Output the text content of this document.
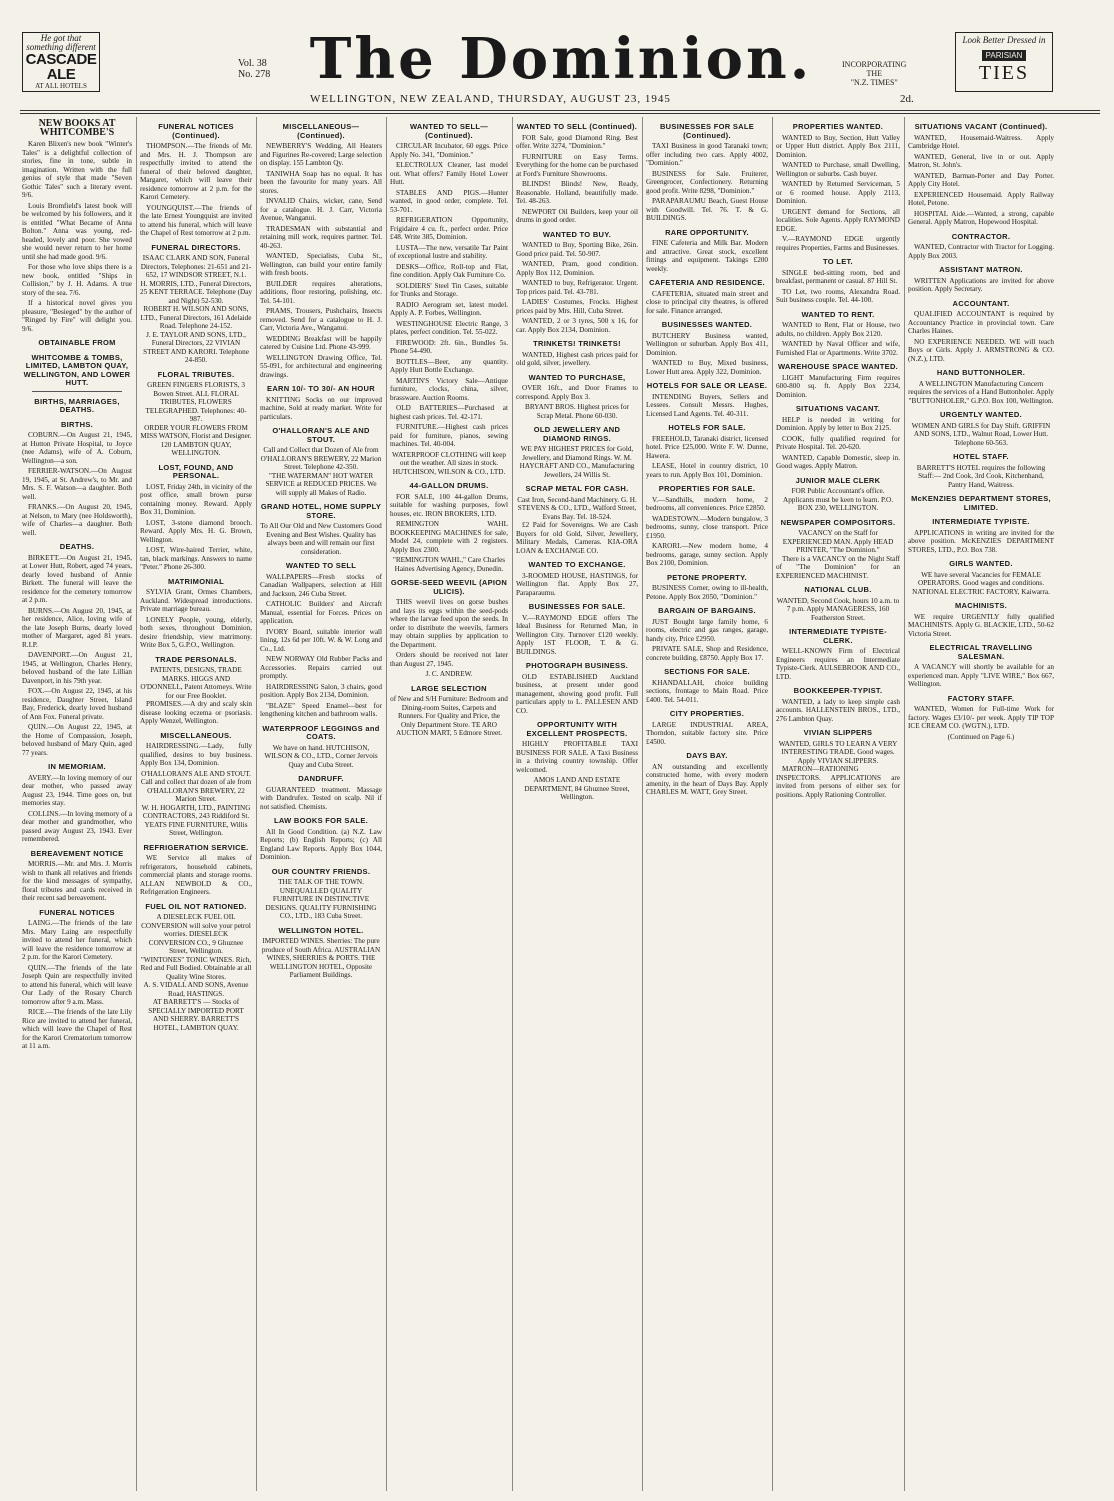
He got that something different
CASCADE
ALE
AT ALL HOTELS
Vol. 38
No. 278 The Dominion.	INCORPORATING
THE
"N.Z. TIMES"
Look Better Dressed in
PARISIAN
TIES
WELLINGTON, NEW ZEALAND, THURSDAY, AUGUST 23, 1945	2d.
NEW BOOKS AT WHITCOMBE'S

Karen Blixen's new book "Winter's Tales" is a delightful collection of stories, fine in tone, subtle in imagination. Written with the full genius of style that made "Seven Gothic Tales" such a literary event. 9/6.

Louis Bromfield's latest book will be welcomed by his followers, and it is entitled "What Became of Anna Bolton." Anna was young, red-headed, lovely and poor. She vowed she would never return to her home until she had made good. 9/6.

For those who love ships there is a new book, entitled "Ships in Collision," by J. H. Adams. A true story of the sea. 7/6.

If a historical novel gives you pleasure, "Besieged" by the author of "Ringed by Fire" will delight you. 9/6.

OBTAINABLE FROM
WHITCOMBE & TOMBS, LIMITED, LAMBTON QUAY, WELLINGTON, AND LOWER HUTT.
BIRTHS, MARRIAGES, DEATHS.
BIRTHS.

COBURN.—On August 21, 1945, at Hutton Private Hospital, to Joyce (nee Adams), wife of A. Coburn, Wellington—a son.

FERRIER-WATSON.—On August 19, 1945, at St. Andrew's, to Mr. and Mrs. S. F. Watson—a daughter. Both well.

FRANKS.—On August 20, 1945, at Nelson, to Mary (nee Holdsworth), wife of Charles—a daughter. Both well.

DEATHS.

BIRKETT.—On August 21, 1945, at Lower Hutt, Robert, aged 74 years, dearly loved husband of Annie Birkett. The funeral will leave the residence for the cemetery tomorrow at 2 p.m.

BURNS.—On August 20, 1945, at her residence, Alice, loving wife of the late Joseph Burns, dearly loved mother of Margaret, aged 81 years. R.I.P.

DAVENPORT.—On August 21, 1945, at Wellington, Charles Henry, beloved husband of the late Lillian Davenport, in his 79th year.

FOX.—On August 22, 1945, at his residence, Daughter Street, Island Bay, Frederick, dearly loved husband of Ann Fox. Funeral private.

QUIN.—On August 22, 1945, at the Home of Compassion, Joseph, beloved husband of Mary Quin, aged 77 years.

IN MEMORIAM.

AVERY.—In loving memory of our dear mother, who passed away August 23, 1944. Time goes on, but memories stay.

COLLINS.—In loving memory of a dear mother and grandmother, who passed away August 23, 1943. Ever remembered.

BEREAVEMENT NOTICE

MORRIS.—Mr. and Mrs. J. Morris wish to thank all relatives and friends for the kind messages of sympathy, floral tributes and cards received in their recent sad bereavement.

FUNERAL NOTICES

LAING.—The friends of the late Mrs. Mary Laing are respectfully invited to attend her funeral, which will leave the residence tomorrow at 2 p.m. for the Karori Cemetery.

QUIN.—The friends of the late Joseph Quin are respectfully invited to attend his funeral, which will leave Our Lady of the Rosary Church tomorrow after 9 a.m. Mass.

RICE.—The friends of the late Lily Rice are invited to attend her funeral, which will leave the Chapel of Rest for the Karori Crematorium tomorrow at 11 a.m.

FUNERAL NOTICES (Continued).

THOMPSON.—The friends of Mr. and Mrs. H. J. Thompson are respectfully invited to attend the funeral of their beloved daughter, Margaret, which will leave their residence tomorrow at 2 p.m. for the Karori Cemetery.

YOUNGQUIST.—The friends of the late Ernest Youngquist are invited to attend his funeral, which will leave the Chapel of Rest tomorrow at 2 p.m.

FUNERAL DIRECTORS.

ISAAC CLARK AND SON, Funeral Directors, Telephones: 21-651 and 21-652, 17 WINDSOR STREET, N.1.

H. MORRIS, LTD., Funeral Directors, 25 KENT TERRACE. Telephone (Day and Night) 52-530.

ROBERT H. WILSON AND SONS, LTD., Funeral Directors, 161 Adelaide Road. Telephone 24-152.

J. E. TAYLOR AND SONS, LTD., Funeral Directors, 22 VIVIAN STREET AND KARORI. Telephone 24-850.

FLORAL TRIBUTES.

GREEN FINGERS FLORISTS, 3 Bowen Street. ALL FLORAL TRIBUTES, FLOWERS TELEGRAPHED. Telephones: 40-987.

ORDER YOUR FLOWERS FROM MISS WATSON, Florist and Designer. 120 LAMBTON QUAY, WELLINGTON.

LOST, FOUND, AND PERSONAL.

LOST, Friday 24th, in vicinity of the post office, small brown purse containing money. Reward. Apply Box 31, Dominion.

LOST, 3-stone diamond brooch. Reward. Apply Mrs. H. G. Brown, Wellington.

LOST, Wire-haired Terrier, white, tan, black markings. Answers to name "Peter." Phone 26-300.

MATRIMONIAL

SYLVIA Grant, Ormes Chambers, Auckland. Widespread introductions. Private marriage bureau.

LONELY People, young, elderly, both sexes, throughout Dominion, desire friendship, view matrimony. Write Box 5, G.P.O., Wellington.

TRADE PERSONALS.

PATENTS, DESIGNS, TRADE MARKS. HIGGS AND O'DONNELL, Patent Attorneys. Write for our Free Booklet.

PROMISES.—A dry and scaly skin disease looking eczema or psoriasis. Apply Wenzel, Wellington.

MISCELLANEOUS.

HAIRDRESSING.—Lady, fully qualified, desires to buy business. Apply Box 134, Dominion.

O'HALLORAN'S ALE AND STOUT. Call and collect that dozen of ale from O'HALLORAN'S BREWERY, 22 Marion Street.

W. H. HOGARTH, LTD., PAINTING CONTRACTORS, 243 Riddiford St.

YEATS FINE FURNITURE, Willis Street, Wellington.

REFRIGERATION SERVICE.

WE Service all makes of refrigerators, household cabinets, commercial plants and storage rooms. ALLAN NEWBOLD & CO., Refrigeration Engineers.

FUEL OIL NOT RATIONED.

A DIESELECK FUEL OIL CONVERSION will solve your petrol worries. DIESELECK CONVERSION CO., 9 Ghuznee Street, Wellington.

"WINTONES" TONIC WINES. Rich, Red and Full Bodied. Obtainable at all Quality Wine Stores.

A. S. VIDALL AND SONS, Avenue Road, HASTINGS.

AT BARRETT'S — Stocks of SPECIALLY IMPORTED PORT AND SHERRY. BARRETT'S HOTEL, LAMBTON QUAY.

MISCELLANEOUS—(Continued).

NEWBERRY'S Wedding, All Heaters and Figurines Re-covered; Large selection on display. 155 Lambton Qy.

TANIWHA Soap has no equal. It has been the favourite for many years. All stores.

INVALID Chairs, wicker, cane, Send for a catalogue. H. J. Carr, Victoria Avenue, Wanganui.

TRADESMAN with substantial and retaining mill work, requires partner. Tel. 40-263.

WANTED, Specialists, Cuba St., Wellington, can build your entire family with fresh boots.

BUILDER requires alterations, additions, floor restoring, polishing, etc. Tel. 54-101.

PRAMS, Trousers, Pushchairs, Insects removed. Send for a catalogue to H. J. Carr, Victoria Ave., Wanganui.

WEDDING Breakfast will be happily catered by Cuisine Ltd. Phone 43-999.

WELLINGTON Drawing Office, Tel. 55-091, for architectural and engineering drawings.

EARN 10/- TO 30/- AN HOUR

KNITTING Socks on our improved machine, Sold at ready market. Write for particulars.

O'HALLORAN'S ALE AND STOUT.

Call and Collect that Dozen of Ale from O'HALLORAN'S BREWERY, 22 Marion Street. Telephone 42-350.

"THE WATERMAN" HOT WATER SERVICE at REDUCED PRICES. We will supply all Makes of Radio.

GRAND HOTEL, HOME SUPPLY STORE.

To All Our Old and New Customers Good Evening and Best Wishes. Quality has always been and will remain our first consideration.

WANTED TO SELL

WALLPAPERS—Fresh stocks of Canadian Wallpapers, selection at Hill and Jackson, 246 Cuba Street.

CATHOLIC Builders' and Aircraft Manual, essential for Forces. Prices on application.

IVORY Board, suitable interior wall lining, 12s 6d per 10ft. W. & W. Long and Co., Ltd.

NEW NORWAY Old Rubber Packs and Accessories. Repairs carried out promptly.

HAIRDRESSING Salon, 3 chairs, good position. Apply Box 2134, Dominion.

"BLAZE" Speed Enamel—best for lengthening kitchen and bathroom walls.

WATERPROOF LEGGINGS and COATS.

We have on hand. HUTCHISON, WILSON & CO., LTD., Corner Jervois Quay and Cuba Street.

DANDRUFF.

GUARANTEED treatment. Massage with Dandrufex. Tested on scalp. Nil if not satisfied. Chemists.

LAW BOOKS FOR SALE.

All In Good Condition. (a) N.Z. Law Reports; (b) English Reports; (c) All England Law Reports. Apply Box 1044, Dominion.

OUR COUNTRY FRIENDS.

THE TALK OF THE TOWN. UNEQUALLED QUALITY FURNITURE IN DISTINCTIVE DESIGNS. QUALITY FURNISHING CO., LTD., 183 Cuba Street.

WELLINGTON HOTEL.

IMPORTED WINES. Sherries: The pure produce of South Africa. AUSTRALIAN WINES, SHERRIES & PORTS. THE WELLINGTON HOTEL, Opposite Parliament Buildings.

WANTED TO SELL—(Continued).

CIRCULAR Incubator, 60 eggs. Price Apply No. 341, "Dominion."

ELECTROLUX Cleaner, last model out. What offers? Family Hotel Lower Hutt.

STABLES AND PIGS.—Hunter wanted, in good order, complete. Tel. 53-701.

REFRIGERATION Opportunity, Frigidaire 4 cu. ft., perfect order. Price £48. Write 385, Dominion.

LUSTA—The new, versatile Tar Paint of exceptional lustre and stability.

DESKS—Office, Roll-top and Flat, fine condition. Apply Oak Furniture Co.

SOLDIERS' Steel Tin Cases, suitable for Trunks and Storage.

RADIO Aerogram set, latest model. Apply A. P. Forbes, Wellington.

WESTINGHOUSE Electric Range, 3 plates, perfect condition. Tel. 55-022.

FIREWOOD: 2ft. 6in., Bundles 5s. Phone 54-490.

BOTTLES—Beer, any quantity. Apply Hutt Bottle Exchange.

MARTIN'S Victory Sale—Antique furniture, clocks, china, silver, brassware. Auction Rooms.

OLD BATTERIES—Purchased at highest cash prices. Tel. 42-171.

FURNITURE.—Highest cash prices paid for furniture, pianos, sewing machines. Tel. 40-004.

WATERPROOF CLOTHING will keep out the weather. All sizes in stock. HUTCHISON, WILSON & CO., LTD.

44-GALLON DRUMS.

FOR SALE, 100 44-gallon Drums, suitable for washing purposes, fowl houses, etc. IRON BROKERS, LTD.

REMINGTON WAHL BOOKKEEPING MACHINES for sale, Model 24, complete with 2 registers. Apply Box 2300.

"REMINGTON WAHL," Care Charles Haines Advertising Agency, Dunedin.

GORSE-SEED WEEVIL (APION ULICIS).

THIS weevil lives on gorse bushes and lays its eggs within the seed-pods where the larvae feed upon the seeds. In order to distribute the weevils, farmers may obtain supplies by application to the Department.

Orders should be received not later than August 27, 1945.

J. C. ANDREW.

LARGE SELECTION

of New and S/H Furniture: Bedroom and Dining-room Suites, Carpets and Runners. For Quality and Price, the Only Department Store. TE ARO AUCTION MART, 5 Edmore Street.

WANTED TO SELL (Continued).

FOR Sale, good Diamond Ring. Best offer. Write 3274, "Dominion."

FURNITURE on Easy Terms. Everything for the home can be purchased at Ford's Furniture Showrooms.

BLINDS! Blinds! New, Ready, Reasonable. Holland, beautifully made. Tel. 48-263.

NEWPORT Oil Builders, keep your oil drums in good order.

WANTED TO BUY.

WANTED to Buy, Sporting Bike, 26in. Good price paid. Tel. 50-907.

WANTED, Pram, good condition. Apply Box 112, Dominion.

WANTED to buy, Refrigerator. Urgent. Top prices paid. Tel. 43-781.

LADIES' Costumes, Frocks. Highest prices paid by Mrs. Hill, Cuba Street.

WANTED, 2 or 3 tyres, 500 x 16, for car. Apply Box 2134, Dominion.

TRINKETS! TRINKETS!

WANTED, Highest cash prices paid for old gold, silver, jewellery.

WANTED TO PURCHASE,

OVER 16ft., and Door Frames to correspond. Apply Box 3.

BRYANT BROS. Highest prices for Scrap Metal. Phone 60-030.

OLD JEWELLERY AND DIAMOND RINGS.

WE PAY HIGHEST PRICES for Gold, Jewellery, and Diamond Rings. W. M. HAYCRAFT AND CO., Manufacturing Jewellers, 24 Willis St.

SCRAP METAL FOR CASH.

Cast Iron, Second-hand Machinery. G. H. STEVENS & CO., LTD., Walford Street, Evans Bay. Tel. 18-524.

£2 Paid for Sovereigns. We are Cash Buyers for old Gold, Silver, Jewellery, Military Medals, Cameras. KIA-ORA LOAN & EXCHANGE CO.

WANTED TO EXCHANGE.

3-ROOMED HOUSE, HASTINGS, for Wellington flat. Apply Box 27, Paraparaumu.

BUSINESSES FOR SALE.

V.—RAYMOND EDGE offers The Ideal Business for Returned Man, in Wellington City. Turnover £120 weekly. Apply 1ST FLOOR, T. & G. BUILDINGS.

PHOTOGRAPH BUSINESS.

OLD ESTABLISHED Auckland business, at present under good management, showing good profit. Full particulars apply to L. PALLESEN AND CO.

OPPORTUNITY WITH EXCELLENT PROSPECTS.

HIGHLY PROFITABLE TAXI BUSINESS FOR SALE. A Taxi Business in a thriving country township. Offer welcomed.

AMOS LAND AND ESTATE DEPARTMENT, 84 Ghuznee Street, Wellington.

BUSINESSES FOR SALE (Continued).

TAXI Business in good Taranaki town; offer including two cars. Apply 4002, "Dominion."

BUSINESS for Sale. Fruiterer, Greengrocer, Confectionery. Returning good profit. Write 8298, "Dominion."

PARAPARAUMU Beach, Guest House with Goodwill. Tel. 76. T. & G. BUILDINGS.

RARE OPPORTUNITY.

FINE Cafeteria and Milk Bar. Modern and attractive. Great stock, excellent fittings and equipment. Takings £200 weekly.

CAFETERIA AND RESIDENCE.

CAFETERIA, situated main street and close to principal city theatres, is offered for sale. Finance arranged.

BUSINESSES WANTED.

BUTCHERY Business wanted, Wellington or suburban. Apply Box 411, Dominion.

WANTED to Buy, Mixed business, Lower Hutt area. Apply 322, Dominion.

HOTELS FOR SALE OR LEASE.

INTENDING Buyers, Sellers and Lessees. Consult Messrs. Hughes, Licensed Land Agents. Tel. 40-311.

HOTELS FOR SALE.

FREEHOLD, Taranaki district, licensed hotel. Price £25,000. Write F. W. Dunne, Hawera.

LEASE, Hotel in country district, 10 years to run. Apply Box 101, Dominion.

PROPERTIES FOR SALE.

V.—Sandhills, modern home, 2 bedrooms, all conveniences. Price £2850.

WADESTOWN.—Modern bungalow, 3 bedrooms, sunny, close transport. Price £1950.

KARORI.—New modern home, 4 bedrooms, garage, sunny section. Apply Box 2100, Dominion.

PETONE PROPERTY.

BUSINESS Corner, owing to ill-health, Petone. Apply Box 2050, "Dominion."

BARGAIN OF BARGAINS.

JUST Bought large family home, 6 rooms, electric and gas ranges, garage, handy city, Price £2950.

PRIVATE SALE, Shop and Residence, concrete building, £8750. Apply Box 17.

SECTIONS FOR SALE.

KHANDALLAH, choice building sections, frontage to Main Road. Price £400. Tel. 54-011.

CITY PROPERTIES.

LARGE INDUSTRIAL AREA, Thorndon, suitable factory site. Price £4500.

DAYS BAY.

AN outstanding and excellently constructed home, with every modern amenity, in the heart of Days Bay. Apply CHARLES M. WATT, Grey Street.

PROPERTIES WANTED.

WANTED to Buy, Section, Hutt Valley or Upper Hutt district. Apply Box 2111, Dominion.

WANTED to Purchase, small Dwelling, Wellington or suburbs. Cash buyer.

WANTED by Returned Serviceman, 5 or 6 roomed house. Apply 2113, Dominion.

URGENT demand for Sections, all localities. Sole Agents. Apply RAYMOND EDGE.

V.—RAYMOND EDGE urgently requires Properties, Farms and Businesses.

TO LET.

SINGLE bed-sitting room, bed and breakfast, permanent or casual. 87 Hill St.

TO Let, two rooms, Alexandra Road. Suit business couple. Tel. 44-100.

WANTED TO RENT.

WANTED to Rent, Flat or House, two adults, no children. Apply Box 2120.

WANTED by Naval Officer and wife, Furnished Flat or Apartments. Write 3702.

WAREHOUSE SPACE WANTED.

LIGHT Manufacturing Firm requires 600-800 sq. ft. Apply Box 2234, Dominion.

SITUATIONS VACANT.

HELP is needed in writing for Dominion. Apply by letter to Box 2125.

COOK, fully qualified required for Private Hospital. Tel. 20-620.

WANTED, Capable Domestic, sleep in. Good wages. Apply Matron.

JUNIOR MALE CLERK

FOR Public Accountant's office. Applicants must be keen to learn. P.O. BOX 230, WELLINGTON.

NEWSPAPER COMPOSITORS.

VACANCY on the Staff for EXPERIENCED MAN. Apply HEAD PRINTER, "The Dominion."

There is a VACANCY on the Night Staff of "The Dominion" for an EXPERIENCED MACHINIST.

NATIONAL CLUB.

WANTED, Second Cook, hours 10 a.m. to 7 p.m. Apply MANAGERESS, 160 Featherston Street.

INTERMEDIATE TYPISTE-CLERK.

WELL-KNOWN Firm of Electrical Engineers requires an Intermediate Typiste-Clerk. AULSEBROOK AND CO., LTD.

BOOKKEEPER-TYPIST.

WANTED, a lady to keep simple cash accounts. HALLENSTEIN BROS., LTD., 276 Lambton Quay.

VIVIAN SLIPPERS

WANTED, GIRLS TO LEARN A VERY INTERESTING TRADE. Good wages. Apply VIVIAN SLIPPERS.

MATRON—RATIONING INSPECTORS. APPLICATIONS are invited from persons of either sex for positions. Apply Rationing Controller.

SITUATIONS VACANT (Continued).

WANTED, Housemaid-Waitress. Apply Cambridge Hotel.

WANTED, General, live in or out. Apply Matron, St. John's.

WANTED, Barman-Porter and Day Porter. Apply City Hotel.

EXPERIENCED Housemaid. Apply Railway Hotel, Petone.

HOSPITAL Aide.—Wanted, a strong, capable General. Apply Matron, Hopewood Hospital.

CONTRACTOR.

WANTED, Contractor with Tractor for Logging. Apply Box 2003.

ASSISTANT MATRON.

WRITTEN Applications are invited for above position. Apply Secretary.

ACCOUNTANT.

QUALIFIED ACCOUNTANT is required by Accountancy Practice in provincial town. Care Charles Haines.

NO EXPERIENCE NEEDED. WE will teach Boys or Girls. Apply J. ARMSTRONG & CO. (N.Z.), LTD.

HAND BUTTONHOLER.

A WELLINGTON Manufacturing Concern requires the services of a Hand Buttonholer. Apply "BUTTONHOLER," G.P.O. Box 100, Wellington.

URGENTLY WANTED.

WOMEN AND GIRLS for Day Shift. GRIFFIN AND SONS, LTD., Walnut Road, Lower Hutt. Telephone 60-563.

HOTEL STAFF.

BARRETT'S HOTEL requires the following Staff:— 2nd Cook, 3rd Cook, Kitchenhand, Pantry Hand, Waitress.

McKENZIES DEPARTMENT STORES, LIMITED.
INTERMEDIATE TYPISTE.

APPLICATIONS in writing are invited for the above position. McKENZIES DEPARTMENT STORES, LTD., P.O. Box 738.

GIRLS WANTED.

WE have several Vacancies for FEMALE OPERATORS. Good wages and conditions. NATIONAL ELECTRIC FACTORY, Kaiwarra.

MACHINISTS.

WE require URGENTLY fully qualified MACHINISTS. Apply G. BLACKIE, LTD., 50-62 Victoria Street.

ELECTRICAL TRAVELLING SALESMAN.

A VACANCY will shortly be available for an experienced man. Apply "LIVE WIRE," Box 667, Wellington.

FACTORY STAFF.

WANTED, Women for Full-time Work for factory. Wages £3/10/- per week. Apply TIP TOP ICE CREAM CO. (WGTN.), LTD.

(Continued on Page 6.)
